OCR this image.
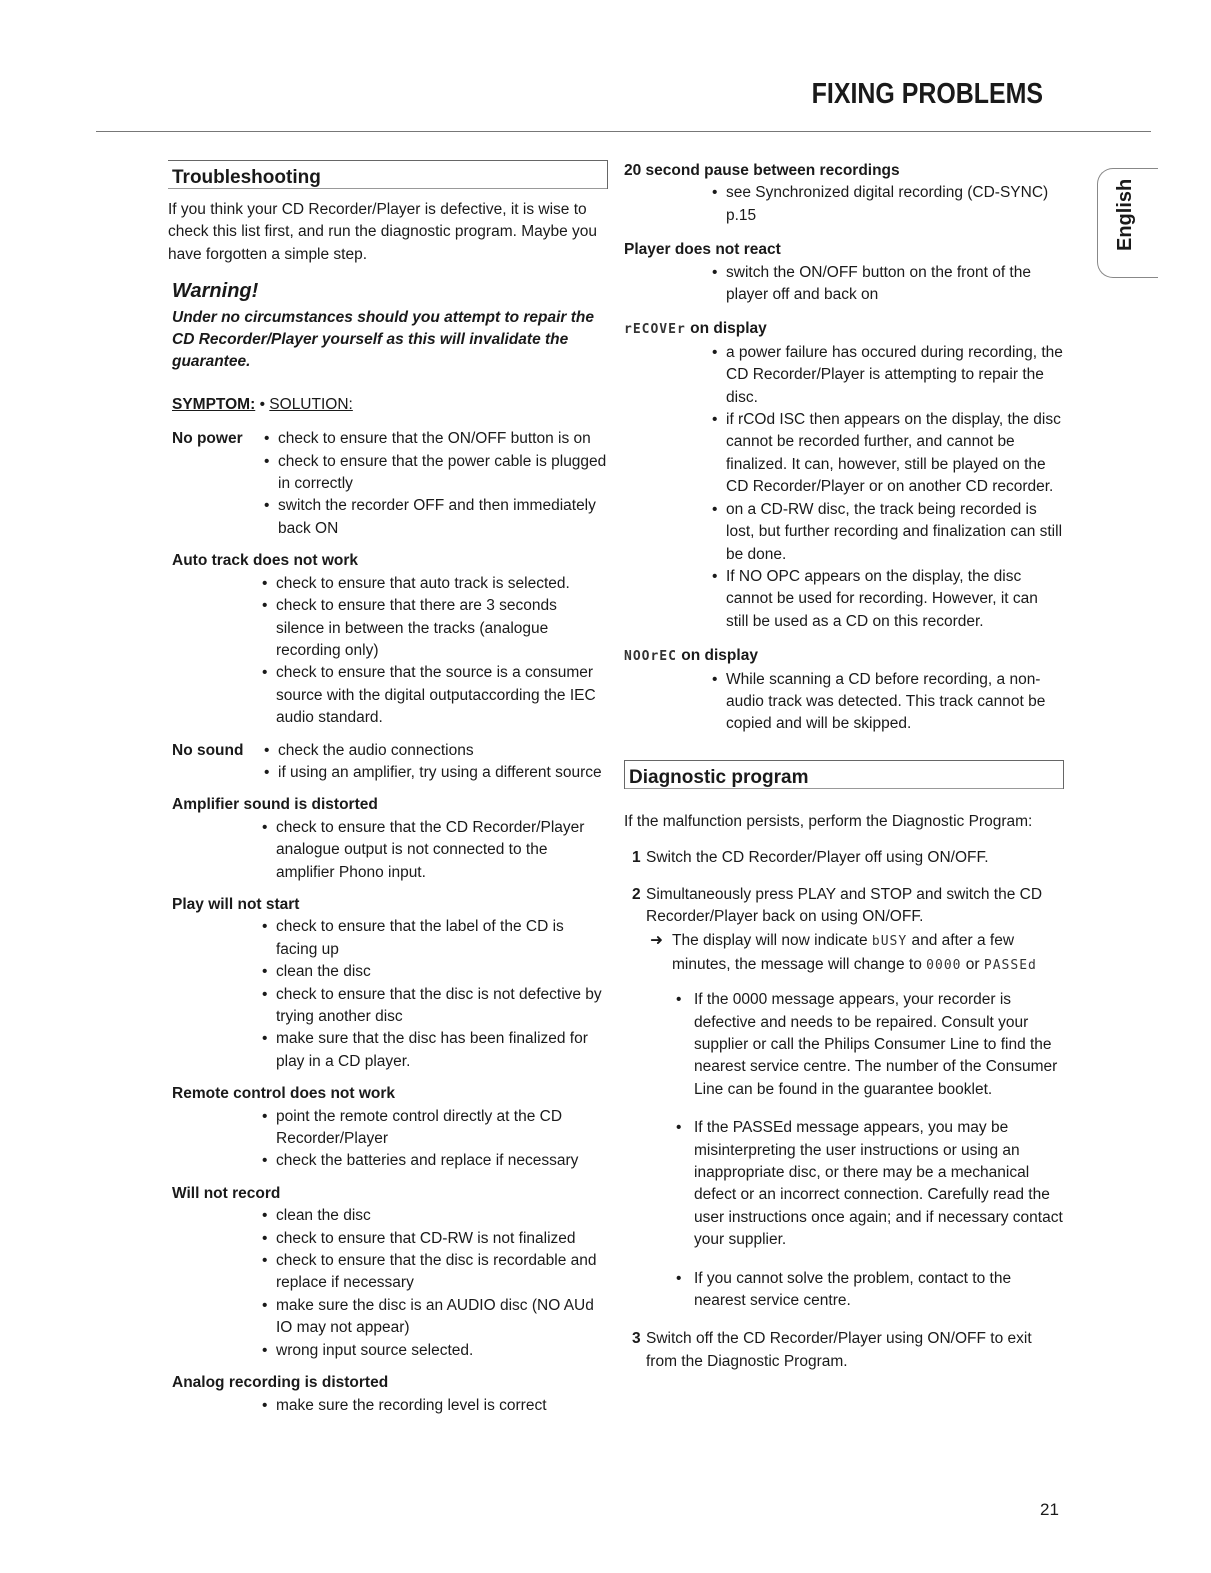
FIXING PROBLEMS
English
Troubleshooting

If you think your CD Recorder/Player is defective, it is wise to check this list first, and run the diagnostic program. Maybe you have forgotten a simple step.

Warning!
Under no circumstances should you attempt to repair the CD Recorder/Player yourself as this will invalidate the guarantee.
SYMPTOM: • SOLUTION:
No power	• check to ensure that the ON/OFF button is on
• check to ensure that the power cable is plugged in correctly
• switch the recorder OFF and then immediately back ON
Auto track does not work
• check to ensure that auto track is selected.
• check to ensure that there are 3 seconds silence in between the tracks (analogue recording only)
• check to ensure that the source is a consumer source with the digital outputaccording the IEC audio standard.
No sound	• check the audio connections
• if using an amplifier, try using a different source
Amplifier sound is distorted
• check to ensure that the CD Recorder/Player analogue output is not connected to the amplifier Phono input.
Play will not start
• check to ensure that the label of the CD is facing up
• clean the disc
• check to ensure that the disc is not defective by trying another disc
• make sure that the disc has been finalized for play in a CD player.
Remote control does not work
• point the remote control directly at the CD Recorder/Player
• check the batteries and replace if necessary
Will not record
• clean the disc
• check to ensure that CD-RW is not finalized
• check to ensure that the disc is recordable and replace if necessary
• make sure the disc is an AUDIO disc (NO AUd IO may not appear)
• wrong input source selected.
Analog recording is distorted
• make sure the recording level is correct
20 second pause between recordings
• see Synchronized digital recording (CD-SYNC) p.15
Player does not react
• switch the ON/OFF button on the front of the player off and back on
rECOVEr on display
• a power failure has occured during recording, the CD Recorder/Player is attempting to repair the disc.
• if rCOd ISC then appears on the display, the disc cannot be recorded further, and cannot be finalized. It can, however, still be played on the CD Recorder/Player or on another CD recorder.
• on a CD-RW disc, the track being recorded is lost, but further recording and finalization can still be done.
• If NO OPC appears on the display, the disc cannot be used for recording. However, it can still be used as a CD on this recorder.
NOOrEC on display
• While scanning a CD before recording, a non-audio track was detected. This track cannot be copied and will be skipped.
Diagnostic program

If the malfunction persists, perform the Diagnostic Program:

1 Switch the CD Recorder/Player off using ON/OFF.
2 Simultaneously press PLAY and STOP and switch the CD Recorder/Player back on using ON/OFF.
➜ The display will now indicate bUSY and after a few minutes, the message will change to 0000 or PASSEd
• If the 0000 message appears, your recorder is defective and needs to be repaired. Consult your supplier or call the Philips Consumer Line to find the nearest service centre. The number of the Consumer Line can be found in the guarantee booklet.
• If the PASSEd message appears, you may be misinterpreting the user instructions or using an inappropriate disc, or there may be a mechanical defect or an incorrect connection. Carefully read the user instructions once again; and if necessary contact your supplier.
• If you cannot solve the problem, contact to the nearest service centre.
3 Switch off the CD Recorder/Player using ON/OFF to exit from the Diagnostic Program.
21
